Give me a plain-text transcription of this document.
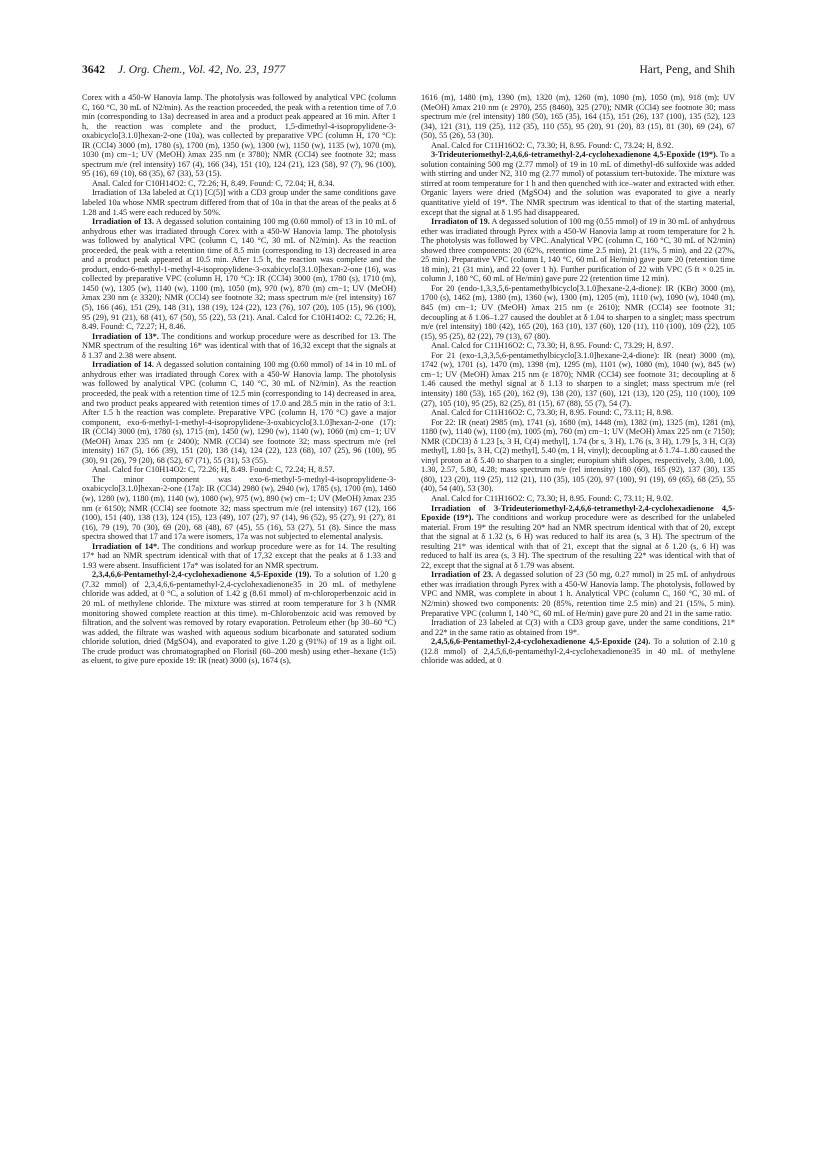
3642 J. Org. Chem., Vol. 42, No. 23, 1977	Hart, Peng, and Shih

Corex with a 450-W Hanovia lamp. The photolysis was followed by analytical VPC (column C, 160 °C, 30 mL of N2/min). As the reaction proceeded, the peak with a retention time of 7.0 min (corresponding to 13a) decreased in area and a product peak appeared at 16 min. After 1 h, the reaction was complete and the product, 1,5-dimethyl-4-isopropylidene-3-oxabicyclo[3.1.0]hexan-2-one (10a), was collected by preparative VPC (column H, 170 °C): IR (CCl4) 3000 (m), 1780 (s), 1700 (m), 1350 (w), 1300 (w), 1150 (w), 1135 (w), 1070 (m), 1030 (m) cm−1; UV (MeOH) λmax 235 nm (ε 3780); NMR (CCl4) see footnote 32; mass spectrum m/e (rel intensity) 167 (4), 166 (34), 151 (10), 124 (21), 123 (58), 97 (7), 96 (100), 95 (16), 69 (10), 68 (35), 67 (33), 53 (15).

Anal. Calcd for C10H14O2: C, 72.26; H, 8.49. Found: C, 72.04; H, 8.34.

Irradiation of 13a labeled at C(1) [C(5)] with a CD3 group under the same conditions gave labeled 10a whose NMR spectrum differed from that of 10a in that the areas of the peaks at δ 1.28 and 1.45 were each reduced by 50%.

Irradiation of 13. A degassed solution containing 100 mg (0.60 mmol) of 13 in 10 mL of anhydrous ether was irradiated through Corex with a 450-W Hanovia lamp. The photolysis was followed by analytical VPC (column C, 140 °C, 30 mL of N2/min). As the reaction proceeded, the peak with a retention time of 8.5 min (corresponding to 13) decreased in area and a product peak appeared at 10.5 min. After 1.5 h, the reaction was complete and the product, endo-6-methyl-1-methyl-4-isopropylidene-3-oxabicyclo[3.1.0]hexan-2-one (16), was collected by preparative VPC (column H, 170 °C): IR (CCl4) 3000 (m), 1780 (s), 1710 (m), 1450 (w), 1305 (w), 1140 (w), 1100 (m), 1050 (m), 970 (w), 870 (m) cm−1; UV (MeOH) λmax 230 nm (ε 3320); NMR (CCl4) see footnote 32; mass spectrum m/e (rel intensity) 167 (5), 166 (46), 151 (29), 148 (31), 138 (19), 124 (22), 123 (76), 107 (20), 105 (15), 96 (100), 95 (29), 91 (21), 68 (41), 67 (50), 55 (22), 53 (21). Anal. Calcd for C10H14O2: C, 72.26; H, 8.49. Found: C, 72.27; H, 8.46.

Irradiation of 13*. The conditions and workup procedure were as described for 13. The NMR spectrum of the resulting 16* was identical with that of 16,32 except that the signals at δ 1.37 and 2.38 were absent.

Irradiation of 14. A degassed solution containing 100 mg (0.60 mmol) of 14 in 10 mL of anhydrous ether was irradiated through Corex with a 450-W Hanovia lamp. The photolysis was followed by analytical VPC (column C, 140 °C, 30 mL of N2/min). As the reaction proceeded, the peak with a retention time of 12.5 min (corresponding to 14) decreased in area, and two product peaks appeared with retention times of 17.0 and 28.5 min in the ratio of 3:1. After 1.5 h the reaction was complete. Preparative VPC (column H, 170 °C) gave a major component, exo-6-methyl-1-methyl-4-isopropylidene-3-oxabicyclo[3.1.0]hexan-2-one (17): IR (CCl4) 3000 (m), 1780 (s), 1715 (m), 1450 (w), 1290 (w), 1140 (w), 1060 (m) cm−1; UV (MeOH) λmax 235 nm (ε 2400); NMR (CCl4) see footnote 32; mass spectrum m/e (rel intensity) 167 (5), 166 (39), 151 (20), 138 (14), 124 (22), 123 (68), 107 (25), 96 (100), 95 (30), 91 (26), 79 (20), 68 (52), 67 (71), 55 (31), 53 (55).

Anal. Calcd for C10H14O2: C, 72.26; H, 8.49. Found: C, 72.24; H, 8.57.

The minor component was exo-6-methyl-5-methyl-4-isopropylidene-3-oxabicyclo[3.1.0]hexan-2-one (17a): IR (CCl4) 2980 (w), 2940 (w), 1785 (s), 1700 (m), 1460 (w), 1280 (w), 1180 (m), 1140 (w), 1080 (w), 975 (w), 890 (w) cm−1; UV (MeOH) λmax 235 nm (ε 6150); NMR (CCl4) see footnote 32; mass spectrum m/e (rel intensity) 167 (12), 166 (100), 151 (40), 138 (13), 124 (15), 123 (49), 107 (27), 97 (14), 96 (52), 95 (27), 91 (27), 81 (16), 79 (19), 70 (30), 69 (20), 68 (48), 67 (45), 55 (16), 53 (27), 51 (8). Since the mass spectra showed that 17 and 17a were isomers, 17a was not subjected to elemental analysis.

Irradiation of 14*. The conditions and workup procedure were as for 14. The resulting 17* had an NMR spectrum identical with that of 17,32 except that the peaks at δ 1.33 and 1.93 were absent. Insufficient 17a* was isolated for an NMR spectrum.

2,3,4,6,6-Pentamethyl-2,4-cyclohexadienone 4,5-Epoxide (19). To a solution of 1.20 g (7.32 mmol) of 2,3,4,6,6-pentamethyl-2,4-cyclohexadienone35 in 20 mL of methylene chloride was added, at 0 °C, a solution of 1.42 g (8.61 mmol) of m-chloroperbenzoic acid in 20 mL of methylene chloride. The mixture was stirred at room temperature for 3 h (NMR monitoring showed complete reaction at this time). m-Chlorobenzoic acid was removed by filtration, and the solvent was removed by rotary evaporation. Petroleum ether (bp 30–60 °C) was added, the filtrate was washed with aqueous sodium bicarbonate and saturated sodium chloride solution, dried (MgSO4), and evaporated to give 1.20 g (91%) of 19 as a light oil. The crude product was chromatographed on Florisil (60–200 mesh) using ether–hexane (1:5) as eluent, to give pure epoxide 19: IR (neat) 3000 (s), 1674 (s),

1616 (m), 1480 (m), 1390 (m), 1320 (m), 1260 (m), 1090 (m), 1050 (m), 918 (m); UV (MeOH) λmax 210 nm (ε 2970), 255 (8460), 325 (270); NMR (CCl4) see footnote 30; mass spectrum m/e (rel intensity) 180 (50), 165 (35), 164 (15), 151 (26), 137 (100), 135 (52), 123 (34), 121 (31), 119 (25), 112 (35), 110 (55), 95 (20), 91 (20), 83 (15), 81 (30), 69 (24), 67 (50), 55 (26), 53 (30).

Anal. Calcd for C11H16O2: C, 73.30; H, 8.95. Found: C, 73.24; H, 8.92.

3-Trideuteriomethyl-2,4,6,6-tetramethyl-2,4-cyclohexadienone 4,5-Epoxide (19*). To a solution containing 500 mg (2.77 mmol) of 19 in 10 mL of dimethyl-d6 sulfoxide was added with stirring and under N2, 310 mg (2.77 mmol) of potassium tert-butoxide. The mixture was stirred at room temperature for 1 h and then quenched with ice–water and extracted with ether. Organic layers were dried (MgSO4) and the solution was evaporated to give a nearly quantitative yield of 19*. The NMR spectrum was identical to that of the starting material, except that the signal at δ 1.95 had disappeared.

Irradiaton of 19. A degassed solution of 100 mg (0.55 mmol) of 19 in 30 mL of anhydrous ether was irradiated through Pyrex with a 450-W Hanovia lamp at room temperature for 2 h. The photolysis was followed by VPC. Analytical VPC (column C, 160 °C, 30 mL of N2/min) showed three components: 20 (62%, retention time 2.5 min), 21 (11%, 5 min), and 22 (27%, 25 min). Preparative VPC (column I, 140 °C, 60 mL of He/min) gave pure 20 (retention time 18 min), 21 (31 min), and 22 (over 1 h). Further purification of 22 with VPC (5 ft × 0.25 in. column J, 180 °C, 60 mL of He/min) gave pure 22 (retention time 12 min).

For 20 (endo-1,3,3,5,6-pentamethylbicyclo[3.1.0]hexane-2,4-dione): IR (KBr) 3000 (m), 1700 (s), 1462 (m), 1380 (m), 1360 (w), 1300 (m), 1205 (m), 1110 (w), 1090 (w), 1040 (m), 845 (m) cm−1; UV (MeOH) λmax 215 nm (ε 2610); NMR (CCl4) see footnote 31; decoupling at δ 1.06–1.27 caused the doublet at δ 1.04 to sharpen to a singlet; mass spectrum m/e (rel intensity) 180 (42), 165 (20), 163 (10), 137 (60), 120 (11), 110 (100), 109 (22), 105 (15), 95 (25), 82 (22), 79 (13), 67 (80).

Anal. Calcd for C11H16O2: C, 73.30; H, 8.95. Found: C, 73.29; H, 8.97.

For 21 (exo-1,3,3,5,6-pentamethylbicyclo[3.1.0]hexane-2,4-dione): IR (neat) 3000 (m), 1742 (w), 1701 (s), 1470 (m), 1398 (m), 1295 (m), 1101 (w), 1080 (m), 1040 (w), 845 (w) cm−1; UV (MeOH) λmax 215 nm (ε 1870); NMR (CCl4) see footnote 31; decoupling at δ 1.46 caused the methyl signal at δ 1.13 to sharpen to a singlet; mass spectrum m/e (rel intensity) 180 (53), 165 (20), 162 (9), 138 (20), 137 (60), 121 (13), 120 (25), 110 (100), 109 (27), 105 (10), 95 (25), 82 (25), 81 (15), 67 (88), 55 (7), 54 (7).

Anal. Calcd for C11H16O2: C, 73.30; H, 8.95. Found: C, 73.11; H, 8.98.

For 22: IR (neat) 2985 (m), 1741 (s), 1680 (m), 1448 (m), 1382 (m), 1325 (m), 1281 (m), 1180 (w), 1140 (w), 1100 (m), 1005 (m), 760 (m) cm−1; UV (MeOH) λmax 225 nm (ε 7150); NMR (CDCl3) δ 1.23 [s, 3 H, C(4) methyl], 1.74 (br s, 3 H), 1.76 (s, 3 H), 1.79 [s, 3 H, C(3) methyl], 1.80 [s, 3 H, C(2) methyl], 5.40 (m, 1 H, vinyl); decoupling at δ 1.74–1.80 caused the vinyl proton at δ 5.40 to sharpen to a singlet; europium shift slopes, respectively, 3.00, 1.00, 1.30, 2.57, 5.80, 4.28; mass spectrum m/e (rel intensity) 180 (60), 165 (92), 137 (30), 135 (80), 123 (20), 119 (25), 112 (21), 110 (35), 105 (20), 97 (100), 91 (19), 69 (65), 68 (25), 55 (40), 54 (40), 53 (30).

Anal. Calcd for C11H16O2: C, 73.30; H, 8.95. Found: C, 73.11; H, 9.02.

Irradiation of 3-Trideuteriomethyl-2,4,6,6-tetramethyl-2,4-cyclohexadienone 4,5-Epoxide (19*). The conditions and workup procedure were as described for the unlabeled material. From 19* the resulting 20* had an NMR spectrum identical with that of 20, except that the signal at δ 1.32 (s, 6 H) was reduced to half its area (s, 3 H). The spectrum of the resulting 21* was identical with that of 21, except that the signal at δ 1.20 (s, 6 H) was reduced to half its area (s, 3 H). The spectrum of the resulting 22* was identical with that of 22, except that the signal at δ 1.79 was absent.

Irradiation of 23. A degassed solution of 23 (50 mg, 0.27 mmol) in 25 mL of anhydrous ether was irradiation through Pyrex with a 450-W Hanovia lamp. The photolysis, followed by VPC and NMR, was complete in about 1 h. Analytical VPC (column C, 160 °C, 30 mL of N2/min) showed two components: 20 (85%, retention time 2.5 min) and 21 (15%, 5 min). Preparative VPC (column I, 140 °C, 60 mL of He/min) gave pure 20 and 21 in the same ratio.

Irradiation of 23 labeled at C(3) with a CD3 group gave, under the same conditions, 21* and 22* in the same ratio as obtained from 19*.

2,4,5,6,6-Pentamethyl-2,4-cyclohexadienone 4,5-Epoxide (24). To a solution of 2.10 g (12.8 mmol) of 2,4,5,6,6-pentamethyl-2,4-cyclohexadienone35 in 40 mL of methylene chloride was added, at 0
